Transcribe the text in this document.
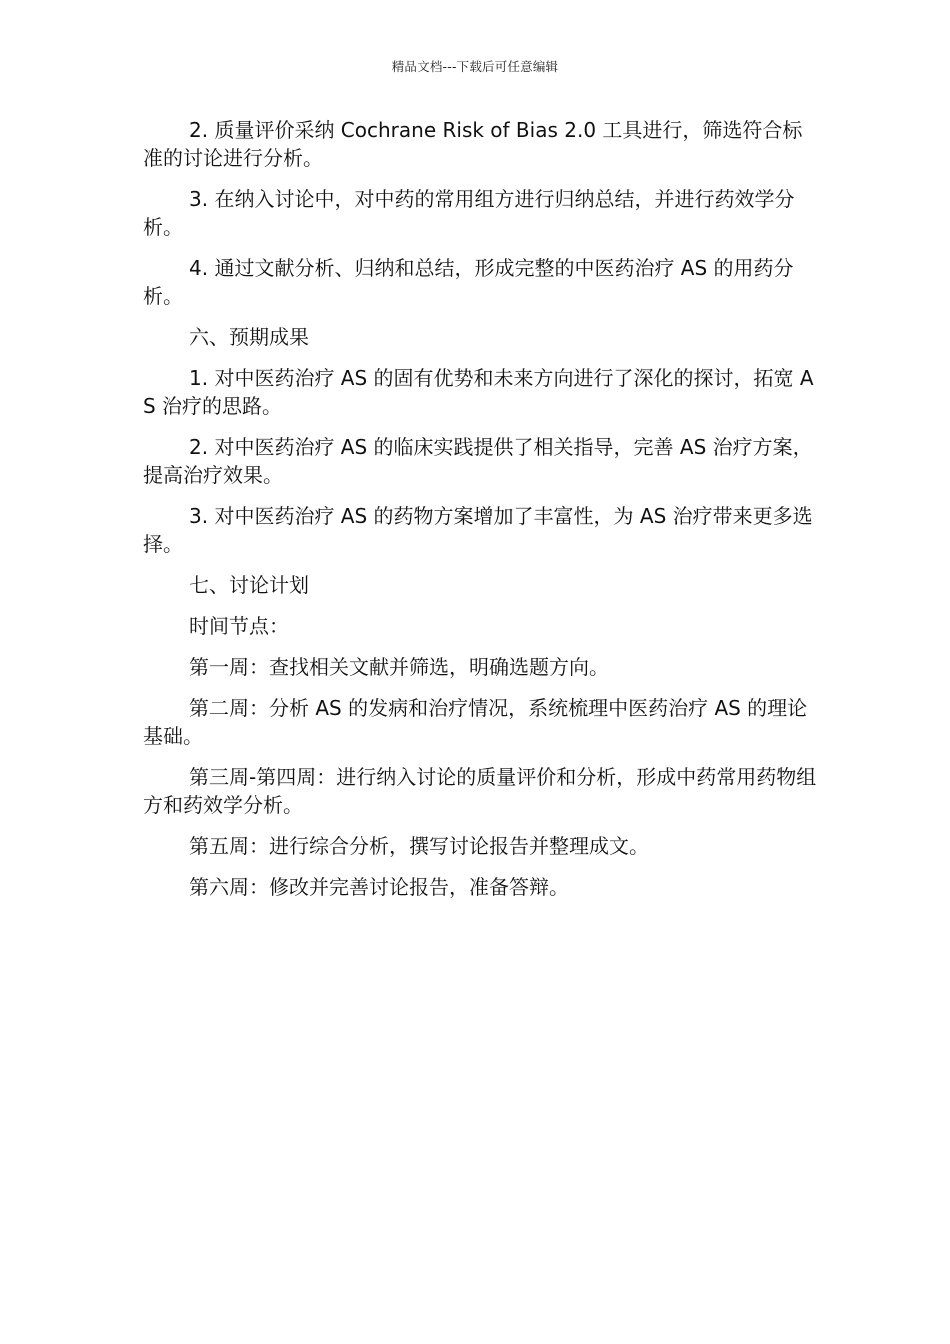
精品文档---下载后可任意编辑

2. 质量评价采纳 Cochrane Risk of Bias 2.0 工具进行，筛选符合标准的讨论进行分析。

3. 在纳入讨论中，对中药的常用组方进行归纳总结，并进行药效学分析。

4. 通过文献分析、归纳和总结，形成完整的中医药治疗 AS 的用药分析。

六、预期成果

1. 对中医药治疗 AS 的固有优势和未来方向进行了深化的探讨，拓宽 AS 治疗的思路。

2. 对中医药治疗 AS 的临床实践提供了相关指导，完善 AS 治疗方案，提高治疗效果。

3. 对中医药治疗 AS 的药物方案增加了丰富性，为 AS 治疗带来更多选择。

七、讨论计划

时间节点：

第一周：查找相关文献并筛选，明确选题方向。

第二周：分析 AS 的发病和治疗情况，系统梳理中医药治疗 AS 的理论基础。

第三周-第四周：进行纳入讨论的质量评价和分析，形成中药常用药物组方和药效学分析。

第五周：进行综合分析，撰写讨论报告并整理成文。

第六周：修改并完善讨论报告，准备答辩。
